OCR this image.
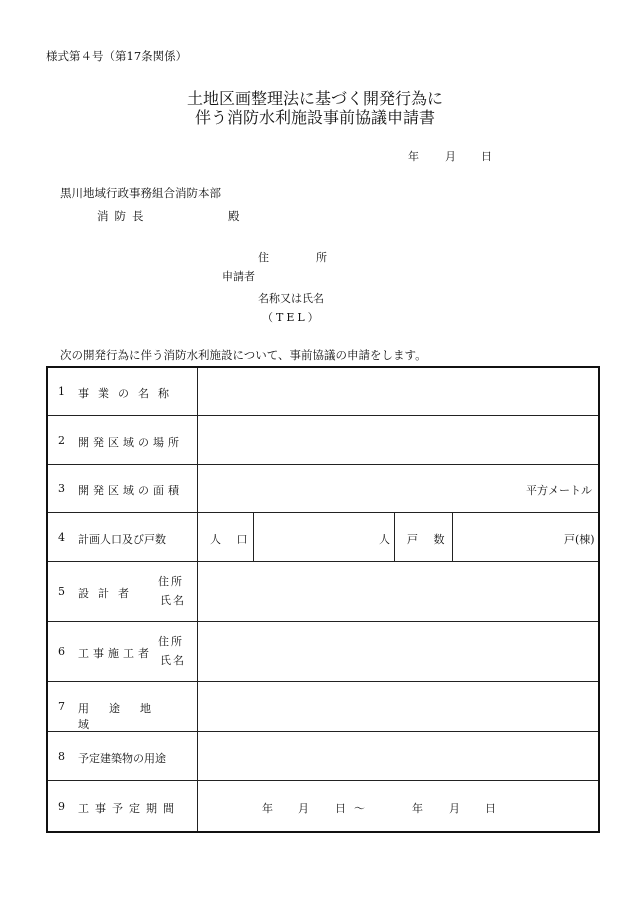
様式第４号（第17条関係）
土地区画整理法に基づく開発行為に
伴う消防水利施設事前協議申請書
年 月 日
黒川地域行政事務組合消防本部
消防長	殿
住	所
申請者
名称又は氏名
（TEL）
次の開発行為に伴う消防水利施設について、事前協議の申請をします。
1 事業の名称
2 開発区域の場所
3 開発区域の面積	平方メートル
4 計画人口及び戸数	人 口	人 戸 数	戸(棟)
5 設計者
住所
氏名
6 工事施工者
住所
氏名
7 用途地域
8 予定建築物の用途
9 工事予定期間	年 月 日 ～	年 月 日
